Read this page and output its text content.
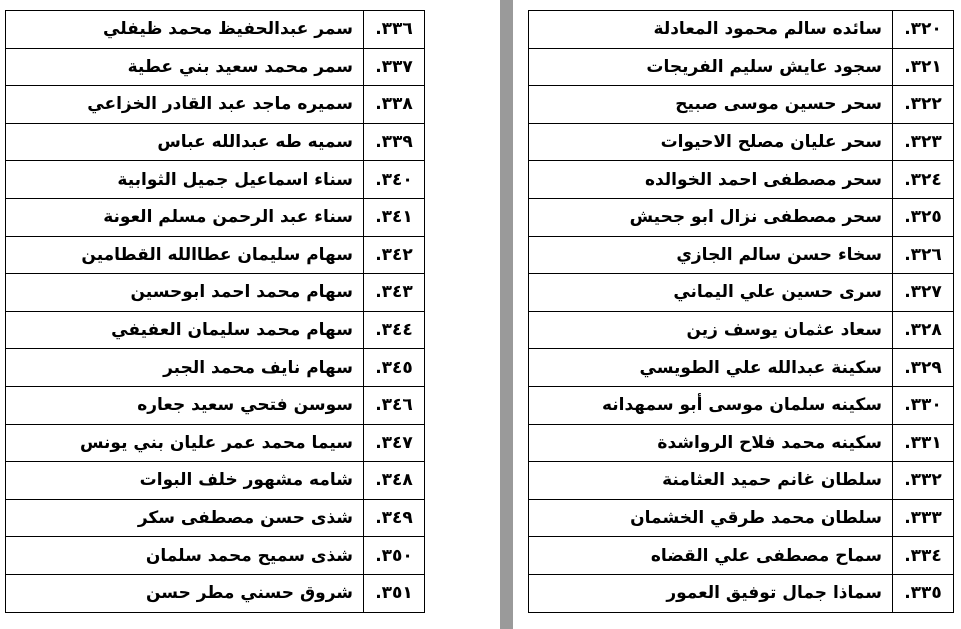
٣٣٦.	سمر عبدالحفيظ محمد ظيفلي
٣٣٧.	سمر محمد سعيد بني عطية
٣٣٨.	سميره ماجد عبد القادر الخزاعي
٣٣٩.	سميه طه عبدالله عباس
٣٤٠.	سناء اسماعيل جميل الثوابية
٣٤١.	سناء عبد الرحمن مسلم العونة
٣٤٢.	سهام سليمان عطاالله القطامين
٣٤٣.	سهام محمد احمد ابوحسين
٣٤٤.	سهام محمد سليمان العفيفي
٣٤٥.	سهام نايف محمد الجبر
٣٤٦.	سوسن فتحي سعيد جعاره
٣٤٧.	سيما محمد عمر عليان بني يونس
٣٤٨.	شامه مشهور خلف البوات
٣٤٩.	شذى حسن مصطفى سكر
٣٥٠.	شذى سميح محمد سلمان
٣٥١.	شروق حسني مطر حسن
٣٢٠.	سائده سالم محمود المعادلة
٣٢١.	سجود عايش سليم الفريجات
٣٢٢.	سحر حسين موسى صبيح
٣٢٣.	سحر عليان مصلح الاحيوات
٣٢٤.	سحر مصطفى احمد الخوالده
٣٢٥.	سحر مصطفى نزال ابو جحيش
٣٢٦.	سخاء حسن سالم الجازي
٣٢٧.	سرى حسين علي اليماني
٣٢٨.	سعاد عثمان يوسف زين
٣٢٩.	سكينة عبدالله علي الطويسي
٣٣٠.	سكينه سلمان موسى أبو سمهدانه
٣٣١.	سكينه محمد فلاح الرواشدة
٣٣٢.	سلطان غانم حميد العثامنة
٣٣٣.	سلطان محمد طرقي الخشمان
٣٣٤.	سماح مصطفى علي القضاه
٣٣٥.	سماذا جمال توفيق العمور
